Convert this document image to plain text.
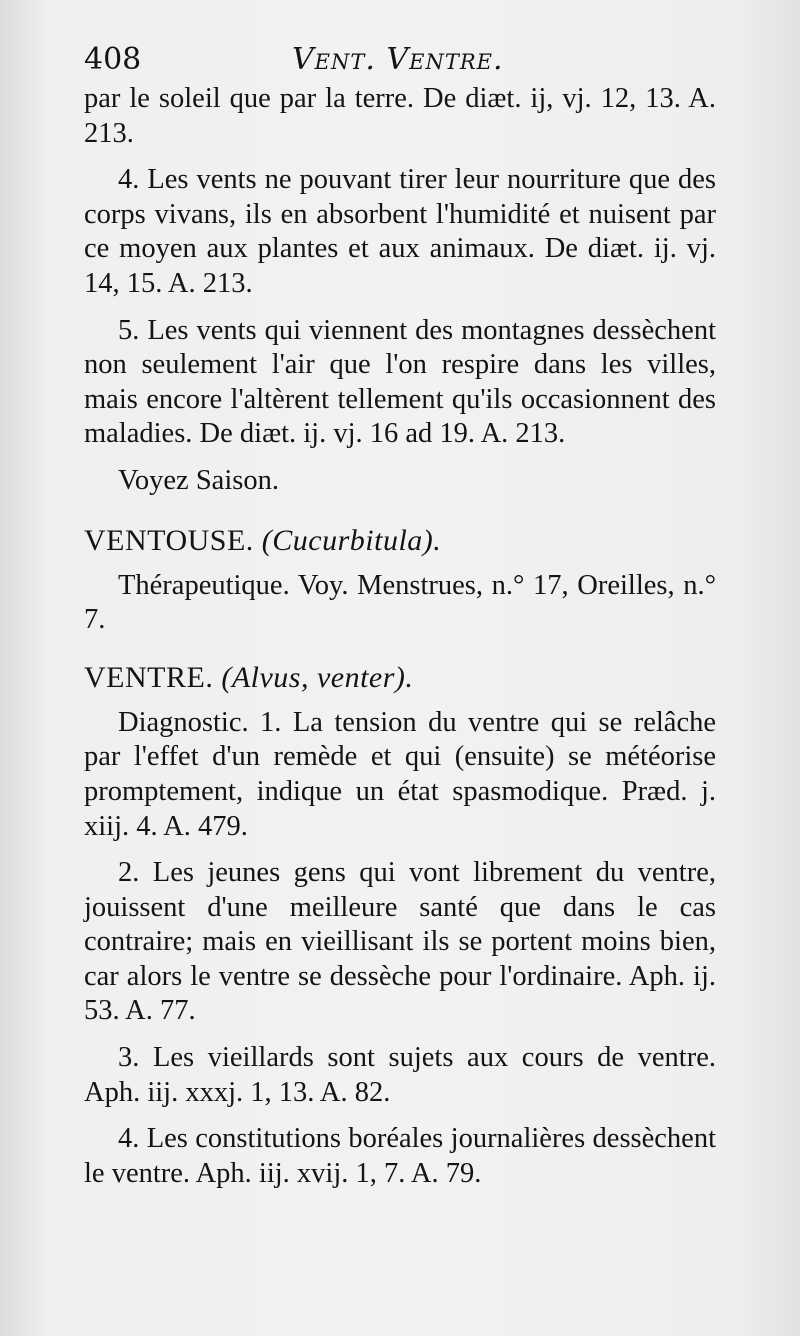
408	Vent. Ventre.

par le soleil que par la terre. De diæt. ij, vj. 12, 13. A. 213.

4. Les vents ne pouvant tirer leur nourriture que des corps vivans, ils en absorbent l'humidité et nuisent par ce moyen aux plantes et aux animaux. De diæt. ij. vj. 14, 15. A. 213.

5. Les vents qui viennent des montagnes dessèchent non seulement l'air que l'on respire dans les villes, mais encore l'altèrent tellement qu'ils occasionnent des maladies. De diæt. ij. vj. 16 ad 19. A. 213.

Voyez Saison.

VENTOUSE. (Cucurbitula).

Thérapeutique. Voy. Menstrues, n.° 17, Oreilles, n.° 7.

VENTRE. (Alvus, venter).

Diagnostic. 1. La tension du ventre qui se relâche par l'effet d'un remède et qui (ensuite) se météorise promptement, indique un état spasmodique. Præd. j. xiij. 4. A. 479.

2. Les jeunes gens qui vont librement du ventre, jouissent d'une meilleure santé que dans le cas contraire; mais en vieillisant ils se portent moins bien, car alors le ventre se dessèche pour l'ordinaire. Aph. ij. 53. A. 77.

3. Les vieillards sont sujets aux cours de ventre. Aph. iij. xxxj. 1, 13. A. 82.

4. Les constitutions boréales journalières dessèchent le ventre. Aph. iij. xvij. 1, 7. A. 79.
